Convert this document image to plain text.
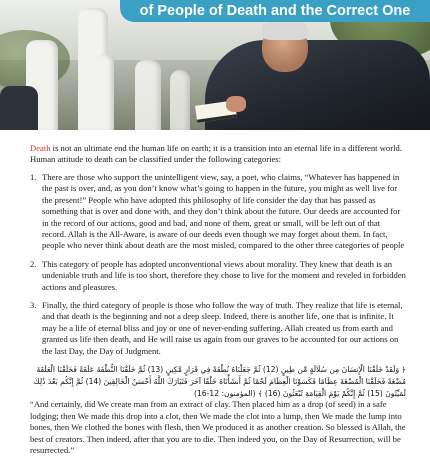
of People of Death and the Correct One

Death is not an ultimate end the human life on earth; it is a transition into an eternal life in a different world. Human attitude to death can be classified under the following categories:

1. There are those who support the unintelligent view, say, a poet, who claims, “Whatever has happened in the past is over, and, as you don’t know what’s going to happen in the future, you might as well live for the present!” People who have adopted this philosophy of life consider the day that has passed as something that is over and done with, and they don’t think about the future. Our deeds are accounted for in the record of our actions, good and bad, and none of them, great or small, will be left out of that record. Allah is the All-Aware, is aware of our deeds even though we may forget about them. In fact, people who never think about death are the most misled, compared to the other three categories of people
2. This category of people has adopted unconventional views about morality. They knew that death is an undeniable truth and life is too short, therefore they chose to live for the moment and reveled in forbidden actions and pleasures.
3. Finally, the third category of people is those who follow the way of truth. They realize that life is eternal, and that death is the beginning and not a deep sleep. Indeed, there is another life, one that is infinite. It may be a life of eternal bliss and joy or one of never-ending suffering. Allah created us from earth and granted us life then death, and He will raise us again from our graves to be accounted for our actions on the last Day, the Day of Judgment.

﴿ وَلَقَدْ خَلَقْنَا الْإِنسَانَ مِن سُلَالَةٍ مِّن طِينٍ (12) ثُمَّ جَعَلْنَاهُ نُطْفَةً فِي قَرَارٍ مَّكِينٍ (13) ثُمَّ خَلَقْنَا النُّطْفَةَ عَلَقَةً فَخَلَقْنَا الْعَلَقَةَ مُضْغَةً فَخَلَقْنَا الْمُضْغَةَ عِظَامًا فَكَسَوْنَا الْعِظَامَ لَحْمًا ثُمَّ أَنشَأْنَاهُ خَلْقًا آخَرَ فَتَبَارَكَ اللَّهُ أَحْسَنُ الْخَالِقِينَ (14) ثُمَّ إِنَّكُم بَعْدَ ذَٰلِكَ لَمَيِّتُونَ (15) ثُمَّ إِنَّكُمْ يَوْمَ الْقِيَامَةِ تُبْعَثُونَ (16) ﴾ (المؤمنون: 12-16)

“And certainly, did We create man from an extract of clay. Then placed him as a drop (of seed) in a safe lodging; then We made this drop into a clot, then We made the clot into a lump, then We made the lump into bones, then We clothed the bones with flesh, then We produced it as another creation. So blessed is Allah, the best of creators. Then indeed, after that you are to die. Then indeed you, on the Day of Resurrection, will be resurrected.”
